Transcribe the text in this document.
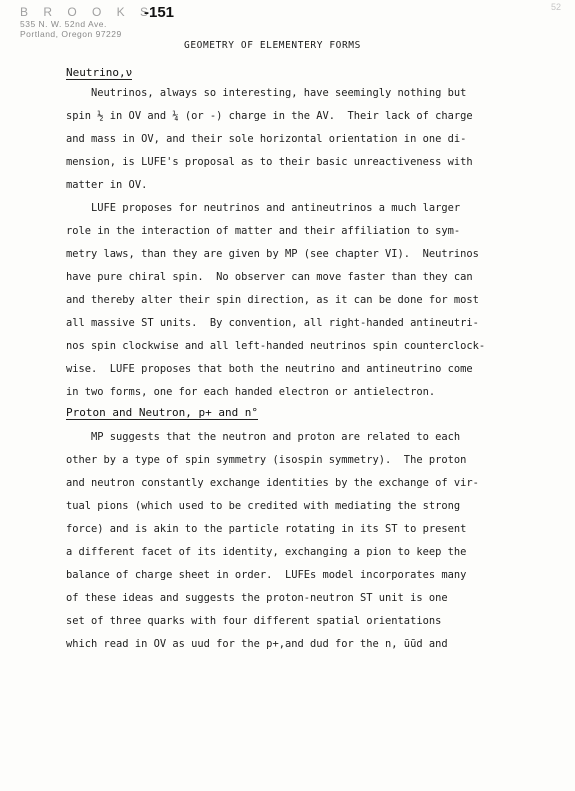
B R O O K S
535 N. W. 52nd Ave.
Portland, Oregon 97229
-151	52
GEOMETRY OF ELEMENTERY FORMS
Neutrino,ν
Neutrinos, always so interesting, have seemingly nothing but
spin ½ in OV and ¼ (or -) charge in the AV.  Their lack of charge
and mass in OV, and their sole horizontal orientation in one di-
mension, is LUFE's proposal as to their basic unreactiveness with
matter in OV.
LUFE proposes for neutrinos and antineutrinos a much larger
role in the interaction of matter and their affiliation to sym-
metry laws, than they are given by MP (see chapter VI).  Neutrinos
have pure chiral spin.  No observer can move faster than they can
and thereby alter their spin direction, as it can be done for most
all massive ST units.  By convention, all right-handed antineutri-
nos spin clockwise and all left-handed neutrinos spin counterclock-
wise.  LUFE proposes that both the neutrino and antineutrino come
in two forms, one for each handed electron or antielectron.
Proton and Neutron, p+ and n°
MP suggests that the neutron and proton are related to each
other by a type of spin symmetry (isospin symmetry).  The proton
and neutron constantly exchange identities by the exchange of vir-
tual pions (which used to be credited with mediating the strong
force) and is akin to the particle rotating in its ST to present
a different facet of its identity, exchanging a pion to keep the
balance of charge sheet in order.  LUFEs model incorporates many
of these ideas and suggests the proton-neutron ST unit is one
set of three quarks with four different spatial orientations
which read in OV as uud for the p+,and dud for the n, ūūd and
